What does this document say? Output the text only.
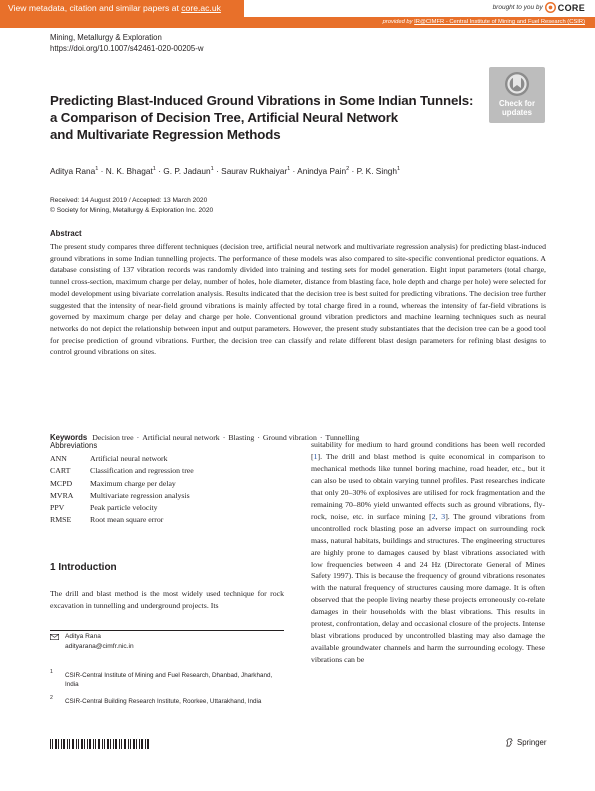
View metadata, citation and similar papers at core.ac.uk	brought to you by CORE
provided by IR@CIMFR - Central Institute of Mining and Fuel Research (CSIR)
Mining, Metallurgy & Exploration
https://doi.org/10.1007/s42461-020-00205-w
Check for
updates
Predicting Blast-Induced Ground Vibrations in Some Indian Tunnels:
a Comparison of Decision Tree, Artificial Neural Network
and Multivariate Regression Methods
Aditya Rana$^1$ · N. K. Bhagat$^1$ · G. P. Jadaun$^1$ · Saurav Rukhaiyar$^1$ · Anindya Pain$^2$ · P. K. Singh$^1$
Received: 14 August 2019 / Accepted: 13 March 2020
© Society for Mining, Metallurgy & Exploration Inc. 2020
Abstract

The present study compares three different techniques (decision tree, artificial neural network and multivariate regression analysis) for predicting blast-induced ground vibrations in some Indian tunnelling projects. The performance of these models was also compared to site-specific conventional predictor equations. A database consisting of 137 vibration records was randomly divided into training and testing sets for model generation. Eight input parameters (total charge, tunnel cross-section, maximum charge per delay, number of holes, hole diameter, distance from blasting face, hole depth and charge per hole) were selected for model development using bivariate correlation analysis. Results indicated that the decision tree is best suited for predicting vibrations. The decision tree further suggested that the intensity of near-field ground vibrations is mainly affected by total charge fired in a round, whereas the intensity of far-field vibrations is governed by maximum charge per delay and charge per hole. Conventional ground vibration predictors and machine learning techniques such as neural networks do not depict the relationship between input and output parameters. However, the present study substantiates that the decision tree can be a good tool for precise prediction of ground vibrations. Further, the decision tree can classify and relate different blast design parameters for refining blast designs to control ground vibrations on sites.

Keywords Decision tree · Artificial neural network · Blasting · Ground vibration · Tunnelling
Abbreviations
ANN	Artificial neural network
CART	Classification and regression tree
MCPD	Maximum charge per delay
MVRA	Multivariate regression analysis
PPV	Peak particle velocity
RMSE	Root mean square error
1 Introduction
The drill and blast method is the most widely used technique for rock excavation in tunnelling and underground projects. Its
Aditya Rana
adityarana@cimfr.nic.in
1 CSIR-Central Institute of Mining and Fuel Research, Dhanbad, Jharkhand, India
2 CSIR-Central Building Research Institute, Roorkee, Uttarakhand, India
suitability for medium to hard ground conditions has been well recorded [1]. The drill and blast method is quite economical in comparison to mechanical methods like tunnel boring machine, road header, etc., but it can also be used to obtain varying tunnel profiles. Past researches indicate that only 20–30% of explosives are utilised for rock fragmentation and the remaining 70–80% yield unwanted effects such as ground vibrations, fly-rock, noise, etc. in surface mining [2, 3]. The ground vibrations from uncontrolled rock blasting pose an adverse impact on surrounding rock mass, natural habitats, buildings and structures. The engineering structures are highly prone to damages caused by blast vibrations associated with low frequencies between 4 and 24 Hz (Directorate General of Mines Safety 1997). This is because the frequency of ground vibrations resonates with the natural frequency of structures causing more damage. It is often observed that the people living nearby these projects erroneously co-relate damages in their households with the blast vibrations. This results in protest, confrontation, delay and occasional closure of the projects. Intense blast vibrations produced by uncontrolled blasting may also damage the available groundwater channels and harm the surrounding ecology. These vibrations can be
Springer
